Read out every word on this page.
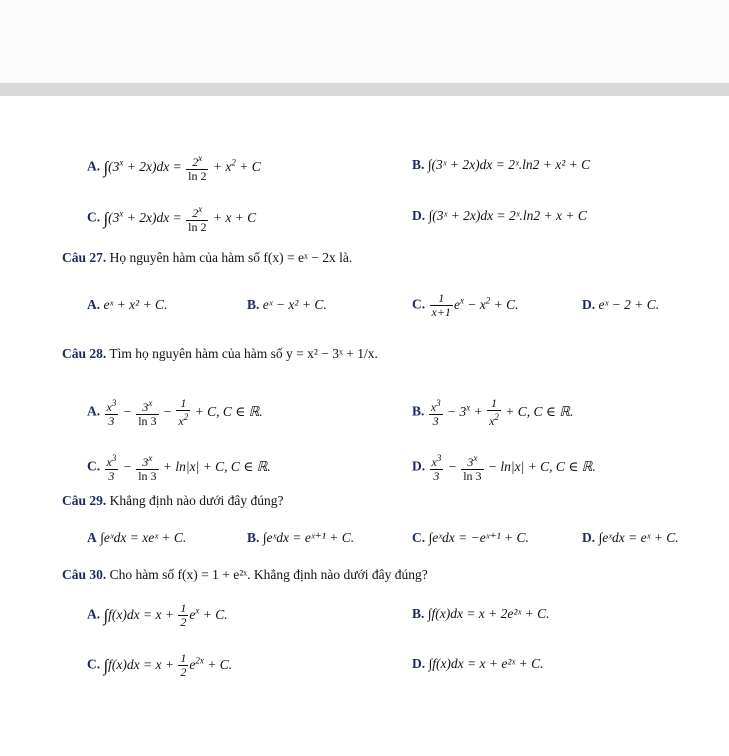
A. $\int(3^x + 2x)dx = \frac{2^x}{\ln 2} + x^2 + C$	B. ∫(3ˣ + 2x)dx = 2ˣ.ln2 + x² + C
C. $\int(3^x + 2x)dx = \frac{2^x}{\ln 2} + x + C$	D. ∫(3ˣ + 2x)dx = 2ˣ.ln2 + x + C
Câu 27. Họ nguyên hàm của hàm số f(x) = eˣ − 2x là.
A. eˣ + x² + C.	B. eˣ − x² + C.	C. $\frac{1}{x+1} e^x - x^2 + C$.	D. eˣ − 2 + C.
Câu 28. Tìm họ nguyên hàm của hàm số y = x² − 3ˣ + 1/x.
A. $\frac{x^3}{3} - \frac{3^x}{\ln 3} - \frac{1}{x^2} + C$, C ∈ ℝ.	B. $\frac{x^3}{3} - 3^x + \frac{1}{x^2} + C$, C ∈ ℝ.
C. $\frac{x^3}{3} - \frac{3^x}{\ln 3} + \ln|x| + C$, C ∈ ℝ.	D. $\frac{x^3}{3} - \frac{3^x}{\ln 3} - \ln|x| + C$, C ∈ ℝ.
Câu 29. Khẳng định nào dưới đây đúng?
A ∫eˣdx = xeˣ + C.	B. ∫eˣdx = eˣ⁺¹ + C.	C. ∫eˣdx = −eˣ⁺¹ + C.	D. ∫eˣdx = eˣ + C.
Câu 30. Cho hàm số f(x) = 1 + e²ˣ. Khẳng định nào dưới đây đúng?
A. $\int f(x)dx = x + \frac{1}{2} e^x + C$.	B. ∫f(x)dx = x + 2e²ˣ + C.
C. $\int f(x)dx = x + \frac{1}{2} e^{2x} + C$.	D. ∫f(x)dx = x + e²ˣ + C.
